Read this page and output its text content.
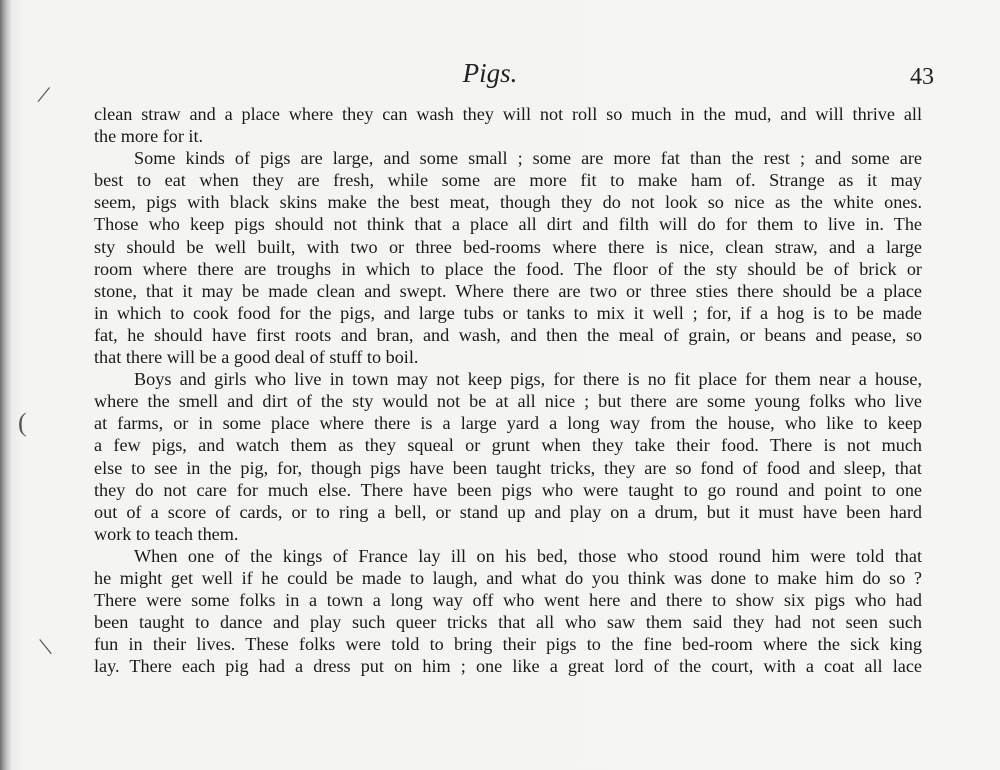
Pigs.	43
/
(
\
clean straw and a place where they can wash they will not roll so much in the mud, and will thrive all
the more for it.
Some kinds of pigs are large, and some small ; some are more fat than the rest ; and some are
best to eat when they are fresh, while some are more fit to make ham of. Strange as it may
seem, pigs with black skins make the best meat, though they do not look so nice as the white ones.
Those who keep pigs should not think that a place all dirt and filth will do for them to live in. The
sty should be well built, with two or three bed-rooms where there is nice, clean straw, and a large
room where there are troughs in which to place the food. The floor of the sty should be of brick or
stone, that it may be made clean and swept. Where there are two or three sties there should be a place
in which to cook food for the pigs, and large tubs or tanks to mix it well ; for, if a hog is to be made
fat, he should have first roots and bran, and wash, and then the meal of grain, or beans and pease, so
that there will be a good deal of stuff to boil.
Boys and girls who live in town may not keep pigs, for there is no fit place for them near a house,
where the smell and dirt of the sty would not be at all nice ; but there are some young folks who live
at farms, or in some place where there is a large yard a long way from the house, who like to keep
a few pigs, and watch them as they squeal or grunt when they take their food. There is not much
else to see in the pig, for, though pigs have been taught tricks, they are so fond of food and sleep, that
they do not care for much else. There have been pigs who were taught to go round and point to one
out of a score of cards, or to ring a bell, or stand up and play on a drum, but it must have been hard
work to teach them.
When one of the kings of France lay ill on his bed, those who stood round him were told that
he might get well if he could be made to laugh, and what do you think was done to make him do so ?
There were some folks in a town a long way off who went here and there to show six pigs who had
been taught to dance and play such queer tricks that all who saw them said they had not seen such
fun in their lives. These folks were told to bring their pigs to the fine bed-room where the sick king
lay. There each pig had a dress put on him ; one like a great lord of the court, with a coat all lace
